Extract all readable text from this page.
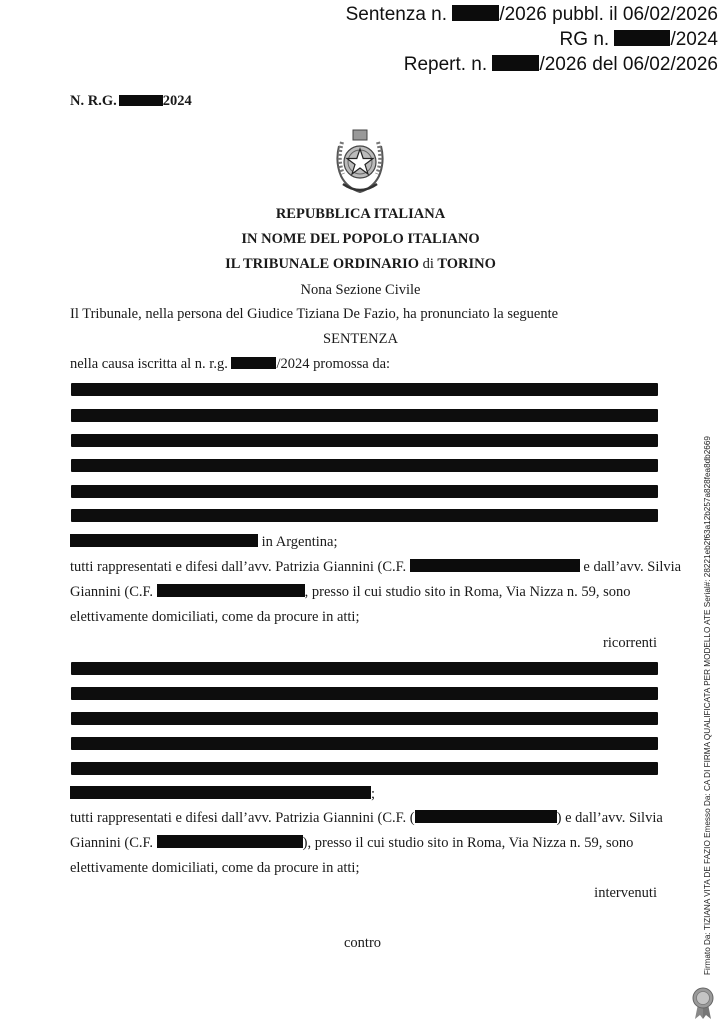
Sentenza n. /2026 pubbl. il 06/02/2026
RG n.	/2024
Repert. n. /2026 del 06/02/2026
N. R.G.	2024
REPUBBLICA ITALIANA
IN NOME DEL POPOLO ITALIANO
IL TRIBUNALE ORDINARIO di TORINO
Nona Sezione Civile
Il Tribunale, nella persona del Giudice Tiziana De Fazio, ha pronunciato la seguente
SENTENZA
nella causa iscritta al n. r.g.	/2024 promossa da:
in Argentina;
tutti rappresentati e difesi dall’avv. Patrizia Giannini (C.F.	e dall’avv. Silvia
Giannini (C.F.	, presso il cui studio sito in Roma, Via Nizza n. 59, sono
elettivamente domiciliati, come da procure in atti;
ricorrenti
;
tutti rappresentati e difesi dall’avv. Patrizia Giannini (C.F. (	) e dall’avv. Silvia
Giannini (C.F.	), presso il cui studio sito in Roma, Via Nizza n. 59, sono
elettivamente domiciliati, come da procure in atti;
intervenuti
contro	Firmato Da: TIZIANA VITA DE FAZIO Emesso Da: CA DI FIRMA QUALIFICATA PER MODELLO ATE Serial#: 28221eb2f63a12b257a828fea8db2669
